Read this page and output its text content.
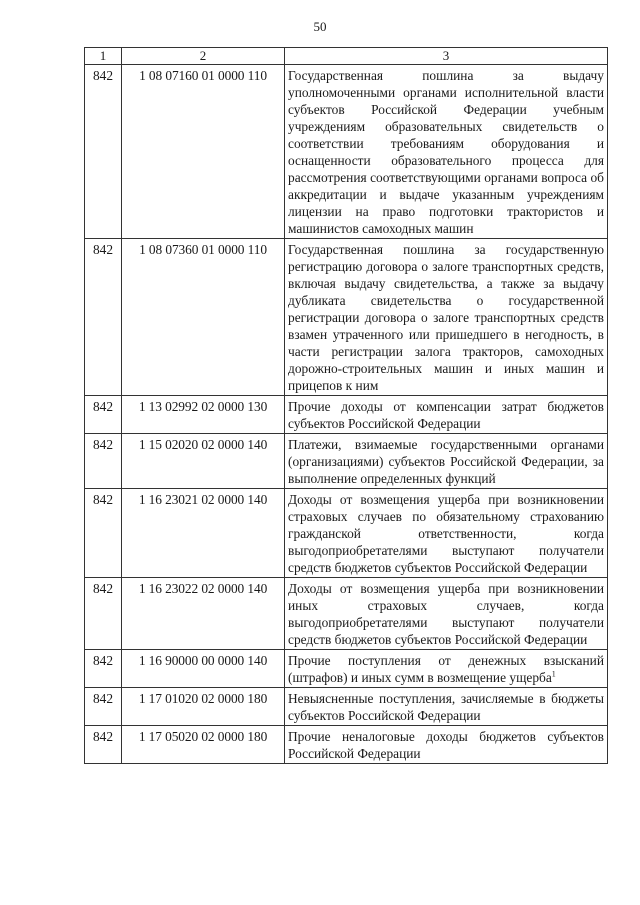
50
1	2	3
842	1 08 07160 01 0000 110	Государственная пошлина за выдачу уполномоченными органами исполнительной власти субъектов Российской Федерации учебным учреждениям образовательных свидетельств о соответствии требованиям оборудования и оснащенности образовательного процесса для рассмотрения соответствующими органами вопроса об аккредитации и выдаче указанным учреждениям лицензии на право подготовки трактористов и машинистов самоходных машин
842	1 08 07360 01 0000 110	Государственная пошлина за государственную регистрацию договора о залоге транспортных средств, включая выдачу свидетельства, а также за выдачу дубликата свидетельства о государственной регистрации договора о залоге транспортных средств взамен утраченного или пришедшего в негодность, в части регистрации залога тракторов, самоходных дорожно-строительных машин и иных машин и прицепов к ним
842	1 13 02992 02 0000 130	Прочие доходы от компенсации затрат бюджетов субъектов Российской Федерации
842	1 15 02020 02 0000 140	Платежи, взимаемые государственными органами (организациями) субъектов Российской Федерации, за выполнение определенных функций
842	1 16 23021 02 0000 140	Доходы от возмещения ущерба при возникновении страховых случаев по обязательному страхованию гражданской ответственности, когда выгодоприобретателями выступают получатели средств бюджетов субъектов Российской Федерации
842	1 16 23022 02 0000 140	Доходы от возмещения ущерба при возникновении иных страховых случаев, когда выгодоприобретателями выступают получатели средств бюджетов субъектов Российской Федерации
842	1 16 90000 00 0000 140	Прочие поступления от денежных взысканий (штрафов) и иных сумм в возмещение ущерба$^1$
842	1 17 01020 02 0000 180	Невыясненные поступления, зачисляемые в бюджеты субъектов Российской Федерации
842	1 17 05020 02 0000 180	Прочие неналоговые доходы бюджетов субъектов Российской Федерации
